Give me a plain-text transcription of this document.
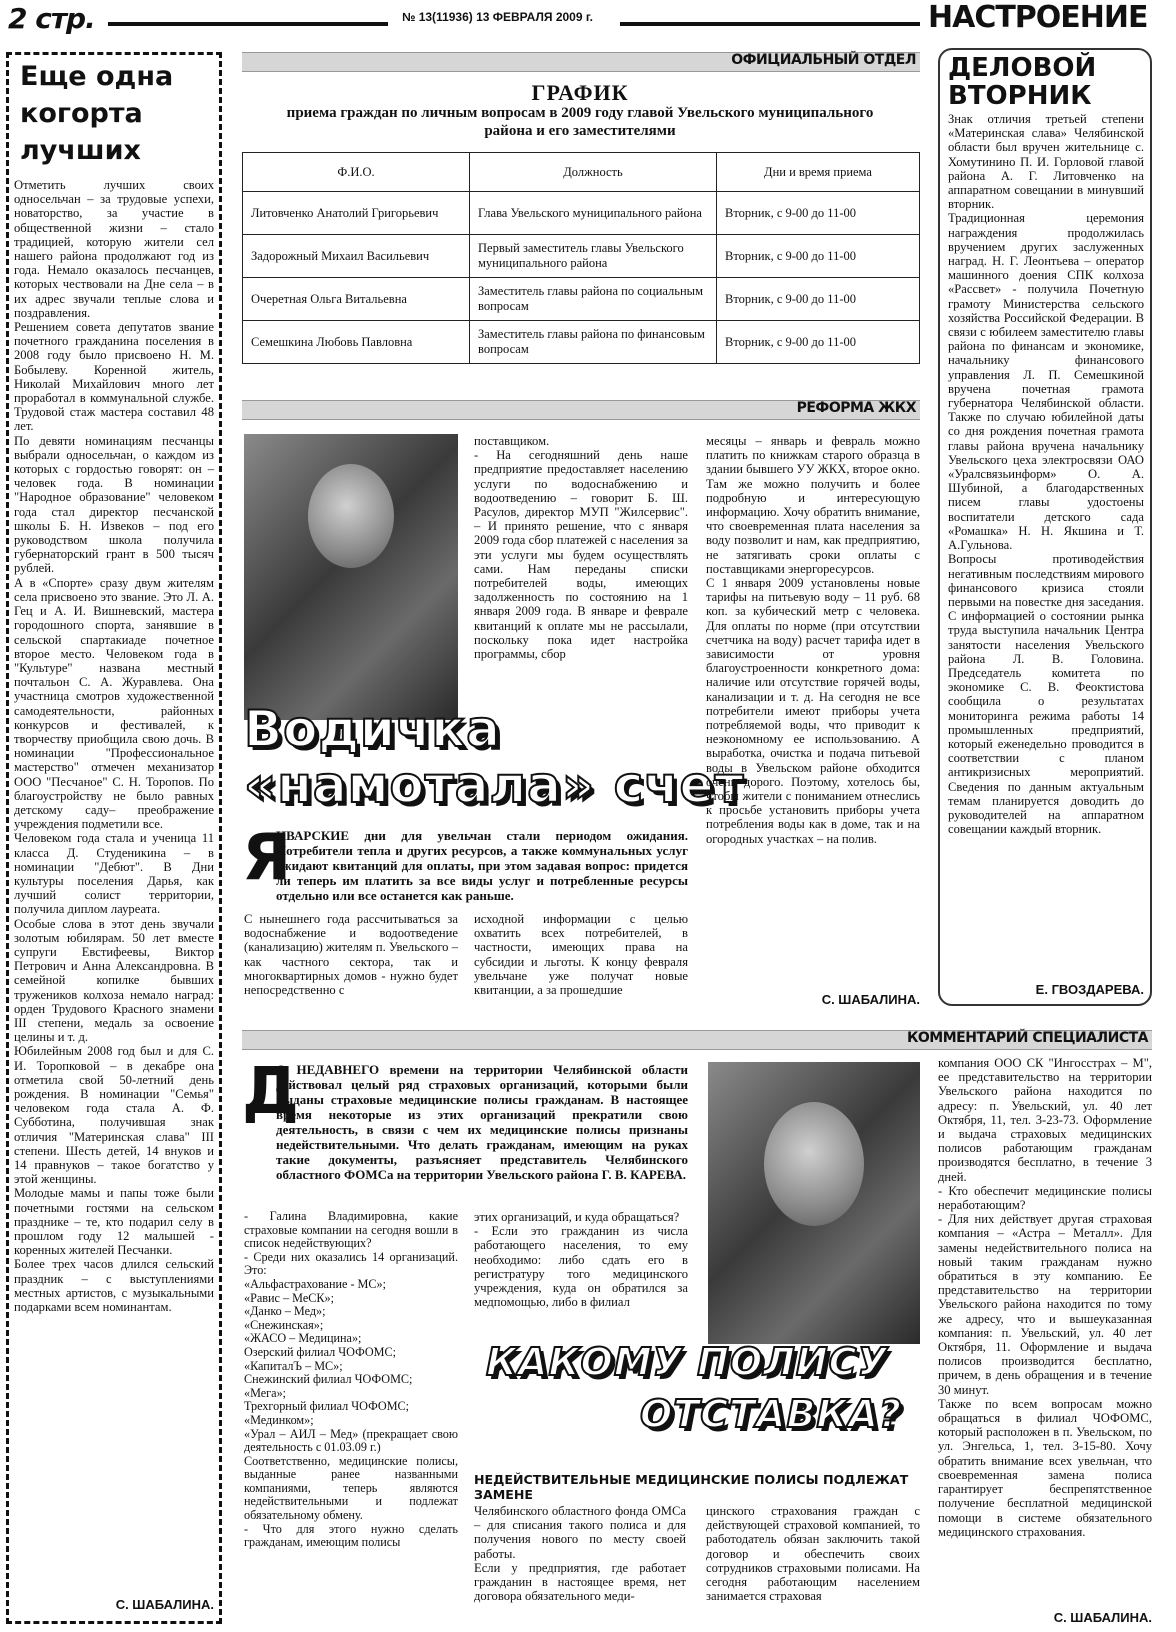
2 стр.	№ 13(11936) 13 ФЕВРАЛЯ 2009 г.	НАСТРОЕНИЕ
Еще одна когорта лучших
Отметить лучших своих односельчан – за трудовые успехи, новаторство, за участие в общественной жизни – стало традицией, которую жители сел нашего района продолжают год из года. Немало оказалось песчанцев, которых чествовали на Дне села – в их адрес звучали теплые слова и поздравления.
Решением совета депутатов звание почетного гражданина поселения в 2008 году было присвоено Н. М. Бобылеву. Коренной житель, Николай Михайлович много лет проработал в коммунальной службе. Трудовой стаж мастера составил 48 лет.
По девяти номинациям песчанцы выбрали односельчан, о каждом из которых с гордостью говорят: он – человек года. В номинации "Народное образование" человеком года стал директор песчанской школы Б. Н. Извеков – под его руководством школа получила губернаторский грант в 500 тысяч рублей.
А в «Спорте» сразу двум жителям села присвоено это звание. Это Л. А. Гец и А. И. Вишневский, мастера городошного спорта, занявшие в сельской спартакиаде почетное второе место. Человеком года в "Культуре" названа местный почтальон С. А. Журавлева. Она участница смотров художественной самодеятельности, районных конкурсов и фестивалей, к творчеству приобщила свою дочь. В номинации "Профессиональное мастерство" отмечен механизатор ООО "Песчаное" С. Н. Торопов. По благоустройству не было равных детскому саду– преображение учреждения подметили все.
Человеком года стала и ученица 11 класса Д. Студеникина – в номинации "Дебют". В Дни культуры поселения Дарья, как лучший солист территории, получила диплом лауреата.
Особые слова в этот день звучали золотым юбилярам. 50 лет вместе супруги Евстифеевы, Виктор Петрович и Анна Александровна. В семейной копилке бывших тружеников колхоза немало наград: орден Трудового Красного знамени III степени, медаль за освоение целины и т. д.
Юбилейным 2008 год был и для С. И. Торопковой – в декабре она отметила свой 50-летний день рождения. В номинации "Семья" человеком года стала А. Ф. Субботина, получившая знак отличия "Материнская слава" III степени. Шесть детей, 14 внуков и 14 правнуков – такое богатство у этой женщины.
Молодые мамы и папы тоже были почетными гостями на сельском празднике – те, кто подарил селу в прошлом году 12 малышей - коренных жителей Песчанки.
Более трех часов длился сельский праздник – с выступлениями местных артистов, с музыкальными подарками всем номинантам.
С. ШАБАЛИНА.
ОФИЦИАЛЬНЫЙ ОТДЕЛ
ГРАФИК
приема граждан по личным вопросам в 2009 году главой Увельского муниципального района и его заместителями
Ф.И.О.	Должность	Дни и время приема
Литовченко Анатолий Григорьевич	Глава Увельского муниципального района	Вторник, с 9-00 до 11-00
Задорожный Михаил Васильевич	Первый заместитель главы Увельского муниципального района	Вторник, с 9-00 до 11-00
Очеретная Ольга Витальевна	Заместитель главы района по социальным вопросам	Вторник, с 9-00 до 11-00
Семешкина Любовь Павловна	Заместитель главы района по финансовым вопросам	Вторник, с 9-00 до 11-00
РЕФОРМА ЖКХ
Водичка
«намотала» счет
Я
НВАРСКИЕ дни для увельчан стали периодом ожидания. Потребители тепла и других ресурсов, а также коммунальных услуг ожидают квитанций для оплаты, при этом задавая вопрос: придется ли теперь им платить за все виды услуг и потребленные ресурсы отдельно или все останется как раньше.
С нынешнего года рассчитываться за водоснабжение и водоотведение (канализацию) жителям п. Увельского – как частного сектора, так и многоквартирных домов - нужно будет непосредственно с
поставщиком.
- На сегодняшний день наше предприятие предоставляет населению услуги по водоснабжению и водоотведению – говорит Б. Ш. Расулов, директор МУП "Жилсервис". – И принято решение, что с января 2009 года сбор платежей с населения за эти услуги мы будем осуществлять сами. Нам переданы списки потребителей воды, имеющих задолженность по состоянию на 1 января 2009 года. В январе и феврале квитанций к оплате мы не рассылали, поскольку пока идет настройка программы, сбор
исходной информации с целью охватить всех потребителей, в частности, имеющих права на субсидии и льготы. К концу февраля увельчане уже получат новые квитанции, а за прошедшие
месяцы – январь и февраль можно платить по книжкам старого образца в здании бывшего УУ ЖКХ, второе окно. Там же можно получить и более подробную и интересующую информацию. Хочу обратить внимание, что своевременная плата населения за воду позволит и нам, как предприятию, не затягивать сроки оплаты с поставщиками энергоресурсов.
С 1 января 2009 установлены новые тарифы на питьевую воду – 11 руб. 68 коп. за кубический метр с человека. Для оплаты по норме (при отсутствии счетчика на воду) расчет тарифа идет в зависимости от уровня благоустроенности конкретного дома: наличие или отсутствие горячей воды, канализации и т. д. На сегодня не все потребители имеют приборы учета потребляемой воды, что приводит к неэкономному ее использованию. А выработка, очистка и подача питьевой воды в Увельском районе обходится очень дорого. Поэтому, хотелось бы, чтобы жители с пониманием отнеслись к просьбе установить приборы учета потребления воды как в доме, так и на огородных участках – на полив.
С. ШАБАЛИНА.
ДЕЛОВОЙ ВТОРНИК
Знак отличия третьей степени «Материнская слава» Челябинской области был вручен жительнице с. Хомутинино П. И. Горловой главой района А. Г. Литовченко на аппаратном совещании в минувший вторник.
Традиционная церемония награждения продолжилась вручением других заслуженных наград. Н. Г. Леонтьева – оператор машинного доения СПК колхоза «Рассвет» - получила Почетную грамоту Министерства сельского хозяйства Российской Федерации. В связи с юбилеем заместителю главы района по финансам и экономике, начальнику финансового управления Л. П. Семешкиной вручена почетная грамота губернатора Челябинской области. Также по случаю юбилейной даты со дня рождения почетная грамота главы района вручена начальнику Увельского цеха электросвязи ОАО «Уралсвязьинформ» О. А. Шубиной, а благодарственных писем главы удостоены воспитатели детского сада «Ромашка» Н. Н. Якшина и Т. А.Гульнова.
Вопросы противодействия негативным последствиям мирового финансового кризиса стояли первыми на повестке дня заседания. С информацией о состоянии рынка труда выступила начальник Центра занятости населения Увельского района Л. В. Головина. Председатель комитета по экономике С. В. Феоктистова сообщила о результатах мониторинга режима работы 14 промышленных предприятий, который еженедельно проводится в соответствии с планом антикризисных мероприятий. Сведения по данным актуальным темам планируется доводить до руководителей на аппаратном совещании каждый вторник.
Е. ГВОЗДАРЕВА.
КОММЕНТАРИЙ СПЕЦИАЛИСТА
Д
О НЕДАВНЕГО времени на территории Челябинской области действовал целый ряд страховых организаций, которыми были выданы страховые медицинские полисы гражданам. В настоящее время некоторые из этих организаций прекратили свою деятельность, в связи с чем их медицинские полисы признаны недействительными. Что делать гражданам, имеющим на руках такие документы, разъясняет представитель Челябинского областного ФОМСа на территории Увельского района Г. В. КАРЕВА.
- Галина Владимировна, какие страховые компании на сегодня вошли в список недействующих?
- Среди них оказались 14 организаций. Это:
«Альфастрахование - МС»;
«Равис – МеСК»;
«Данко – Мед»;
«Снежинская»;
«ЖАСО – Медицина»;
Озерский филиал ЧОФОМС;
«КапиталЪ – МС»;
Снежинский филиал ЧОФОМС;
«Мега»;
Трехгорный филиал ЧОФОМС;
«Мединком»;
«Урал – АИЛ – Мед» (прекращает свою деятельность с 01.03.09 г.)
Соответственно, медицинские полисы, выданные ранее названными компаниями, теперь являются недействительными и подлежат обязательному обмену.
- Что для этого нужно сделать гражданам, имеющим полисы
этих организаций, и куда обращаться?
- Если это гражданин из числа работающего населения, то ему необходимо: либо сдать его в регистратуру того медицинского учреждения, куда он обратился за медпомощью, либо в филиал
КАКОМУ ПОЛИСУ
ОТСТАВКА?
НЕДЕЙСТВИТЕЛЬНЫЕ МЕДИЦИНСКИЕ ПОЛИСЫ ПОДЛЕЖАТ ЗАМЕНЕ
Челябинского областного фонда ОМСа – для списания такого полиса и для получения нового по месту своей работы.
Если у предприятия, где работает гражданин в настоящее время, нет договора обязательного меди-
цинского страхования граждан с действующей страховой компанией, то работодатель обязан заключить такой договор и обеспечить своих сотрудников страховыми полисами. На сегодня работающим населением занимается страховая
компания ООО СК "Ингосстрах – М", ее представительство на территории Увельского района находится по адресу: п. Увельский, ул. 40 лет Октября, 11, тел. 3-23-73. Оформление и выдача страховых медицинских полисов работающим гражданам производятся бесплатно, в течение 3 дней.
- Кто обеспечит медицинские полисы неработающим?
- Для них действует другая страховая компания – «Астра – Металл». Для замены недействительного полиса на новый таким гражданам нужно обратиться в эту компанию. Ее представительство на территории Увельского района находится по тому же адресу, что и вышеуказанная компания: п. Увельский, ул. 40 лет Октября, 11. Оформление и выдача полисов производится бесплатно, причем, в день обращения и в течение 30 минут.
Также по всем вопросам можно обращаться в филиал ЧОФОМС, который расположен в п. Увельском, по ул. Энгельса, 1, тел. 3-15-80. Хочу обратить внимание всех увельчан, что своевременная замена полиса гарантирует беспрепятственное получение бесплатной медицинской помощи в системе обязательного медицинского страхования.
С. ШАБАЛИНА.
